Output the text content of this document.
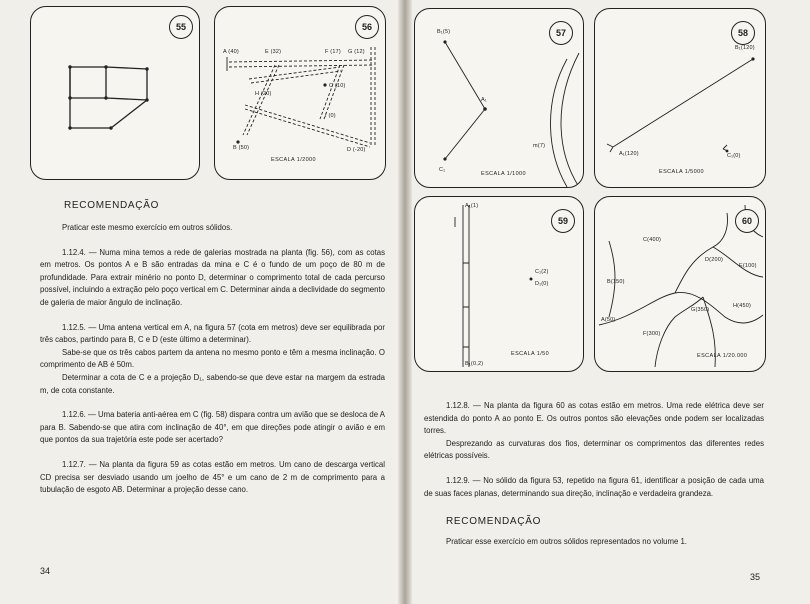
55
A (40)	E (32)	F (17) G (12)
H (20)
C (10)
I (0)
B (50)	D (-20)
ESCALA 1/2000
56
RECOMENDAÇÃO

Praticar este mesmo exercício em outros sólidos.

1.12.4. — Numa mina temos a rede de galerias mostrada na planta (fig. 56), com as cotas em metros. Os pontos A e B são entradas da mina e C é o fundo de um poço de 80 m de profundidade. Para extrair minério no ponto D, determinar o comprimento total de cada percurso possível, incluindo a extração pelo poço vertical em C. Determinar ainda a declividade do segmento de galeria de maior ângulo de inclinação.

1.12.5. — Uma antena vertical em A, na figura 57 (cota em metros) deve ser equilibrada por três cabos, partindo para B, C e D (este último a determinar).

Sabe-se que os três cabos partem da antena no mesmo ponto e têm a mesma inclinação. O comprimento de AB é 50m.

Determinar a cota de C e a projeção D₁, sabendo-se que deve estar na margem da estrada m, de cota constante.

1.12.6. — Uma bateria anti-aérea em C (fig. 58) dispara contra um avião que se desloca de A para B. Sabendo-se que atira com inclinação de 40°, em que direções pode atingir o avião e em que pontos da sua trajetória este pode ser acertado?

1.12.7. — Na planta da figura 59 as cotas estão em metros. Um cano de descarga vertical CD precisa ser desviado usando um joelho de 45° e um cano de 2 m de comprimento para a tubulação de esgoto AB. Determinar a projeção desse cano.

34
B₁(5)
A₁
m(7)
C₁
ESCALA 1/1000
57
B₁(120)
A₁(120)	C₁(0)
ESCALA 1/5000
58
A₁(1)
C₁(2)
D₁(0)
B₁(0,2)
ESCALA 1/50
59
C(400)
D(200)
E(100)
B(150)
G(350)
H(450)
A(50)
F(300)
ESCALA 1/20.000
60

1.12.8. — Na planta da figura 60 as cotas estão em metros. Uma rede elétrica deve ser estendida do ponto A ao ponto E. Os outros pontos são elevações onde podem ser localizadas torres.

Desprezando as curvaturas dos fios, determinar os comprimentos das diferentes redes elétricas possíveis.

1.12.9. — No sólido da figura 53, repetido na figura 61, identificar a posição de cada uma de suas faces planas, determinando sua direção, inclinação e verdadeira grandeza.

RECOMENDAÇÃO

Praticar esse exercício em outros sólidos representados no volume 1.

35
